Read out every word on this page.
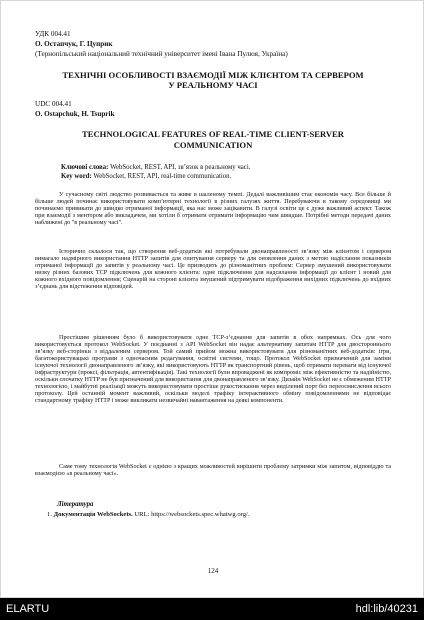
УДК 004.41
О. Остапчук, Г. Цуприк
(Тернопільський національний технічний університет імені Івана Пулюя, Україна)
ТЕХНІЧНІ ОСОБЛИВОСТІ ВЗАЄМОДІЇ МІЖ КЛІЄНТОМ ТА СЕРВЕРОМ
У РЕАЛЬНОМУ ЧАСІ
UDC 004.41
O. Ostapchuk, H. Tsuprik
TECHNOLOGICAL FEATURES OF REAL-TIME CLIENT-SERVER
COMMUNICATION
Ключові слова: WebSocket, REST, API, зв’язок в реальному часі.
Key word: WebSocket, REST, API, real-time communication.
У сучасному світі людство розвивається та живе в шаленому темпі. Дедалі важливішим стає економія часу. Все більше й більше людей починає використовувати комп’ютерні технології в різних галузях життя. Перебуваючи в такому середовищі ми починаємо привикати до швидко отриманої інформації, яка нас може зацікавити. В галузі освіти це є дуже важливий аспект. Також при взаємодії з ментором або викладачем, ми хотіли б отримати отримати інформацію чим швидше. Потрібні методи передачі даних наближені до "в реальному часі".
Історично склалося так, що створення веб-додатків які потребували двонаправленості зв’язку між клієнтом і сервером вимагало надмірного використання HTTP запитів для опитування серверу та для оновлення даних з метою надіслання показників отриманої інформації до запитів у реальному часі. Це призводить до різноманітних проблем: Сервер змушений використовувати низку різних базових TCP підключень для кожного клієнта: одне підключення для надсилання інформації до клієнт і новий для кожного вхідного повідомлення; Сценарій на стороні клієнта змушений підтримувати відображення вихідних підключень до вхідних з’єднань для відстеження відповідей.
Простішим рішенням було б використовувати одне TCP-з’єднання для запитів в обох напрямках. Ось для чого використовується протокол WebSocket. У поєднанні з API WebSocket він надає альтернативу запитам HTTP для двостороннього зв’язку веб-сторінки з віддаленим сервером. Той самий прийом можна використовувати для різноманітних веб-додатків: ігри, багатокористувацькі програми з одночасним редагування, освітні системи, тощо. Протокол WebSocket призначений для заміни існуючої технології двонаправленого зв’язку, які використовують HTTP як транспортний рівень, щоб отримати переваги від існуючої інфраструктури (проксі, фільтрація, автентифікація). Такі технології були впроваджені як компроміс між ефективністю та надійністю, оскільки спочатку HTTP не був призначений для використання для двонаправленого зв’язку. Дизайн WebSocket не є обмеженим HTTP технологією, і майбутні реалізації можуть використовувати простіше рукостискання через виділений порт без переосмислення всього протоколу. Цей останній момент важливий, оскільки моделі трафіку інтерактивного обміну повідомленнями не відповідає стандартному трафіку HTTP і може викликати незвичайні навантаження на деякі компоненти.
Саме тому технологія WebSocket є однією з кращих можливостей вирішити проблему затримки між запитом, відповіддю та взаємодією «в реальному часі».
Література
1. Документація WebSockets. URL: https://websockets.spec.whatwg.org/.
124
ELARTU	hdl:lib/40231
